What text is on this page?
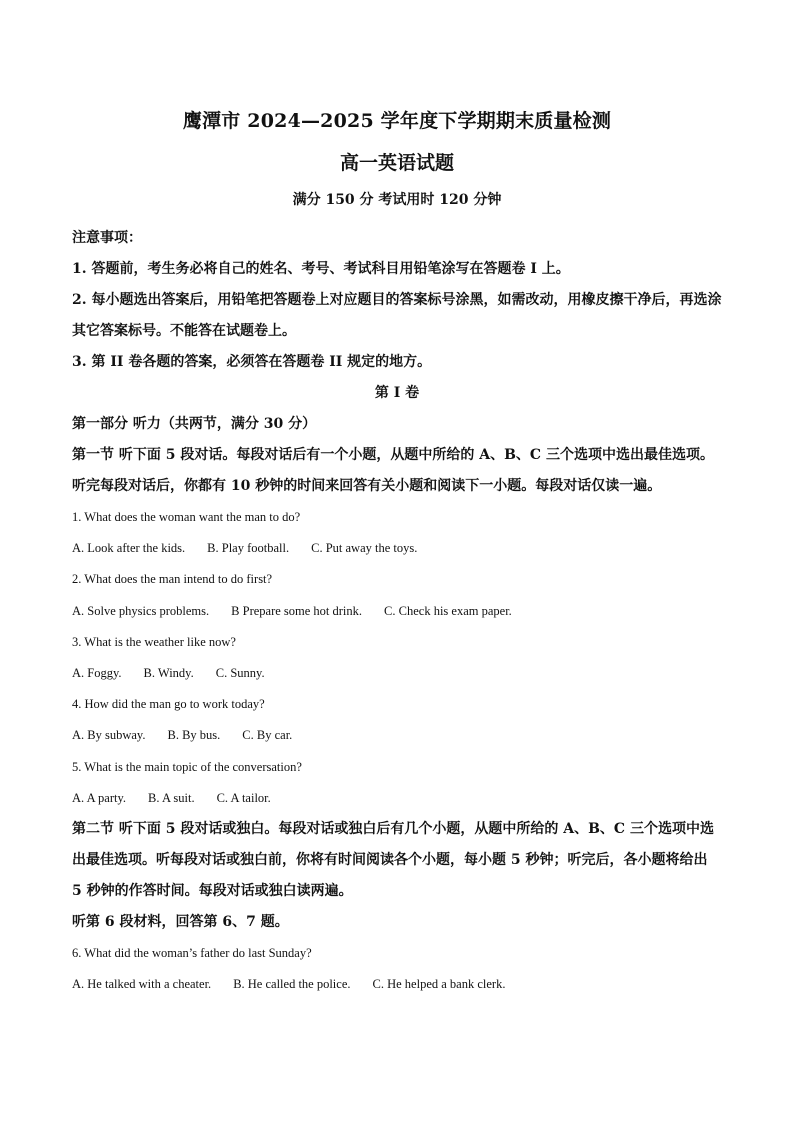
鹰潭市 2024—2025 学年度下学期期末质量检测
高一英语试题
满分 150 分 考试用时 120 分钟

注意事项：

1. 答题前，考生务必将自己的姓名、考号、考试科目用铅笔涂写在答题卷 I 上。

2. 每小题选出答案后，用铅笔把答题卷上对应题目的答案标号涂黑，如需改动，用橡皮擦干净后，再选涂其它答案标号。不能答在试题卷上。

3. 第 II 卷各题的答案，必须答在答题卷 II 规定的地方。

第 I 卷

第一部分 听力（共两节，满分 30 分）

第一节 听下面 5 段对话。每段对话后有一个小题，从题中所给的 A、B、C 三个选项中选出最佳选项。听完每段对话后，你都有 10 秒钟的时间来回答有关小题和阅读下一小题。每段对话仅读一遍。

1. What does the woman want the man to do?

A. Look after the kids. B. Play football. C. Put away the toys.

2. What does the man intend to do first?

A. Solve physics problems. B Prepare some hot drink. C. Check his exam paper.

3. What is the weather like now?

A. Foggy. B. Windy. C. Sunny.

4. How did the man go to work today?

A. By subway. B. By bus. C. By car.

5. What is the main topic of the conversation?

A. A party. B. A suit. C. A tailor.

第二节 听下面 5 段对话或独白。每段对话或独白后有几个小题，从题中所给的 A、B、C 三个选项中选出最佳选项。听每段对话或独白前，你将有时间阅读各个小题，每小题 5 秒钟；听完后，各小题将给出 5 秒钟的作答时间。每段对话或独白读两遍。

听第 6 段材料，回答第 6、7 题。

6. What did the woman’s father do last Sunday?

A. He talked with a cheater. B. He called the police. C. He helped a bank clerk.
